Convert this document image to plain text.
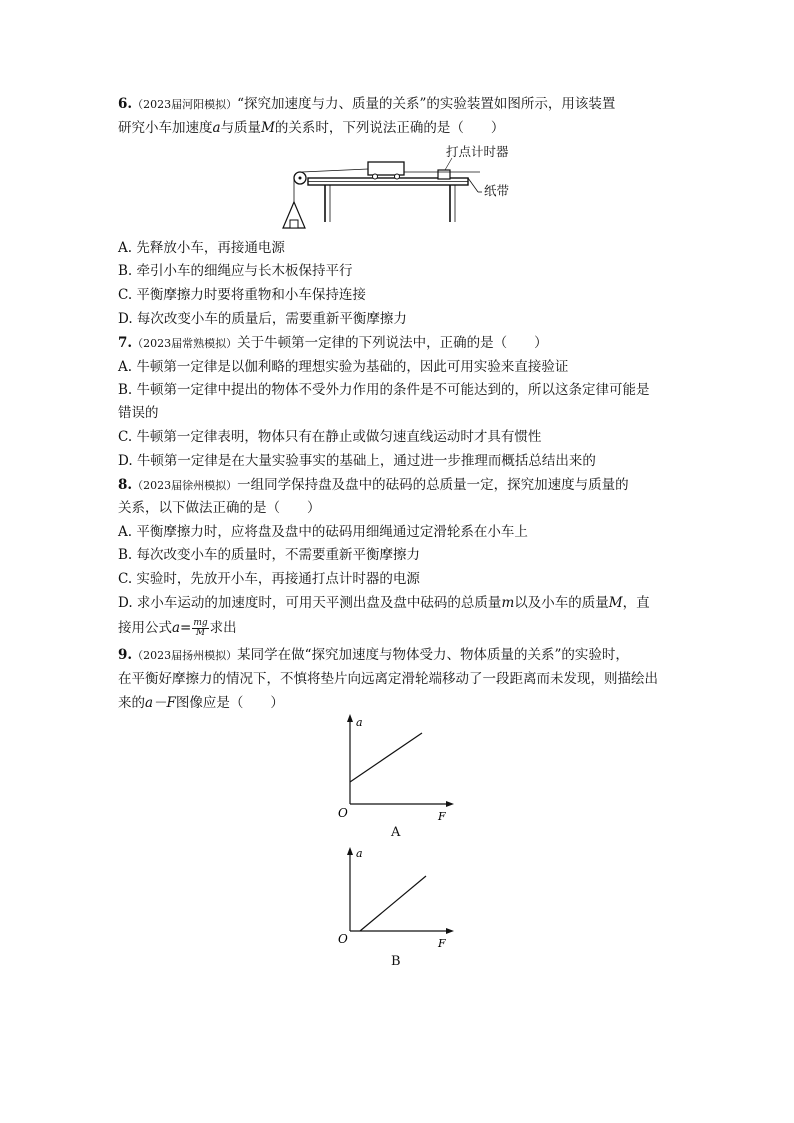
6.（2023届河阳模拟）“探究加速度与力、质量的关系”的实验装置如图所示，用该装置
研究小车加速度a与质量M的关系时，下列说法正确的是（　　）
打点计时器
纸带
A. 先释放小车，再接通电源
B. 牵引小车的细绳应与长木板保持平行
C. 平衡摩擦力时要将重物和小车保持连接
D. 每次改变小车的质量后，需要重新平衡摩擦力
7.（2023届常熟模拟）关于牛顿第一定律的下列说法中，正确的是（　　）
A. 牛顿第一定律是以伽利略的理想实验为基础的，因此可用实验来直接验证
B. 牛顿第一定律中提出的物体不受外力作用的条件是不可能达到的，所以这条定律可能是
错误的
C. 牛顿第一定律表明，物体只有在静止或做匀速直线运动时才具有惯性
D. 牛顿第一定律是在大量实验事实的基础上，通过进一步推理而概括总结出来的
8.（2023届徐州模拟）一组同学保持盘及盘中的砝码的总质量一定，探究加速度与质量的
关系，以下做法正确的是（　　）
A. 平衡摩擦力时，应将盘及盘中的砝码用细绳通过定滑轮系在小车上
B. 每次改变小车的质量时，不需要重新平衡摩擦力
C. 实验时，先放开小车，再接通打点计时器的电源
D. 求小车运动的加速度时，可用天平测出盘及盘中砝码的总质量m以及小车的质量M，直
接用公式$a= \frac{mg}{M}$ 求出
9.（2023届扬州模拟）某同学在做“探究加速度与物体受力、物体质量的关系”的实验时，
在平衡好摩擦力的情况下，不慎将垫片向远离定滑轮端移动了一段距离而未发现，则描绘出
来的a－F图像应是（　　）
a
O	F
A
a
O	F
B
